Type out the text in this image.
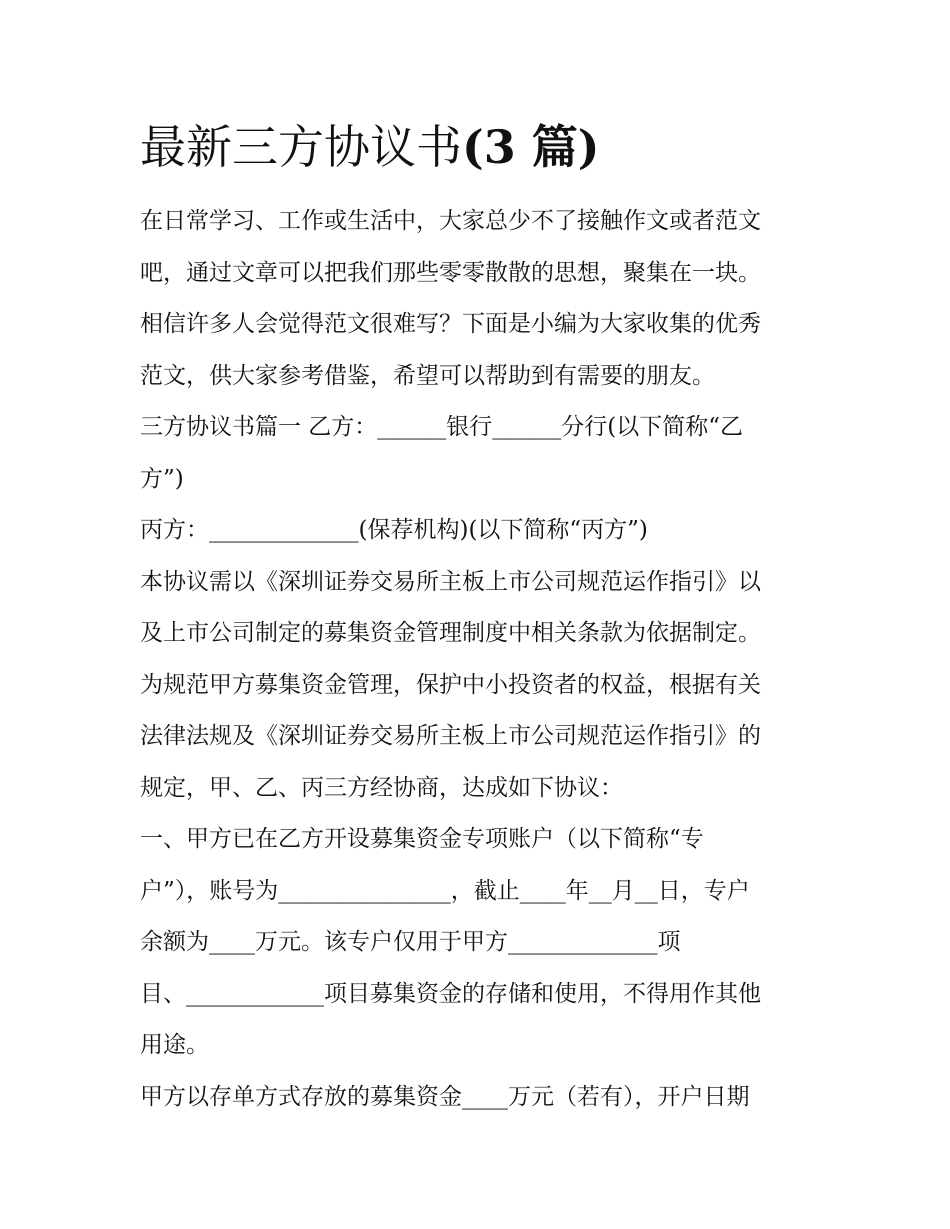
最新三方协议书(3 篇)
在日常学习、工作或生活中，大家总少不了接触作文或者范文
吧，通过文章可以把我们那些零零散散的思想，聚集在一块。
相信许多人会觉得范文很难写？下面是小编为大家收集的优秀
范文，供大家参考借鉴，希望可以帮助到有需要的朋友。
三方协议书篇一 乙方：______银行______分行(以下简称“乙
方”)
丙方：_____________(保荐机构)(以下简称“丙方”)
本协议需以《深圳证券交易所主板上市公司规范运作指引》以
及上市公司制定的募集资金管理制度中相关条款为依据制定。
为规范甲方募集资金管理，保护中小投资者的权益，根据有关
法律法规及《深圳证券交易所主板上市公司规范运作指引》的
规定，甲、乙、丙三方经协商，达成如下协议：
一、甲方已在乙方开设募集资金专项账户（以下简称“专
户”），账号为_______________，截止____年__月__日，专户
余额为____万元。该专户仅用于甲方_____________项
目、____________项目募集资金的存储和使用，不得用作其他
用途。
甲方以存单方式存放的募集资金____万元（若有），开户日期
